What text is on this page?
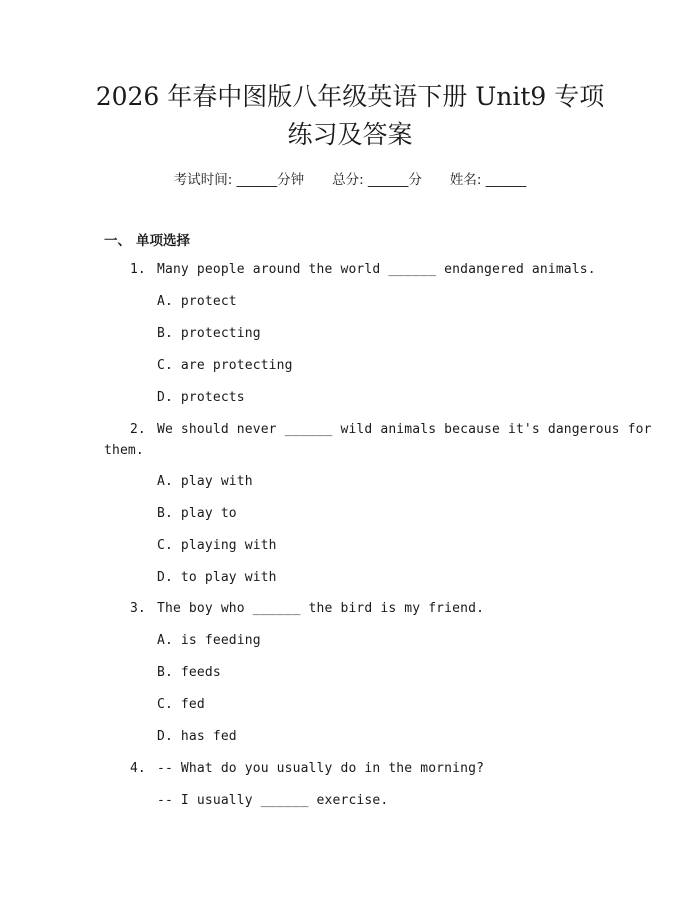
2026 年春中图版八年级英语下册 Unit9 专项
练习及答案
考试时间: ______分钟 总分: ______分 姓名: ______
一、 单项选择
1. Many people around the world ______ endangered animals.
A. protect
B. protecting
C. are protecting
D. protects
2. We should never ______ wild animals because it's dangerous for
them.
A. play with
B. play to
C. playing with
D. to play with
3. The boy who ______ the bird is my friend.
A. is feeding
B. feeds
C. fed
D. has fed
4. -- What do you usually do in the morning?
-- I usually ______ exercise.
